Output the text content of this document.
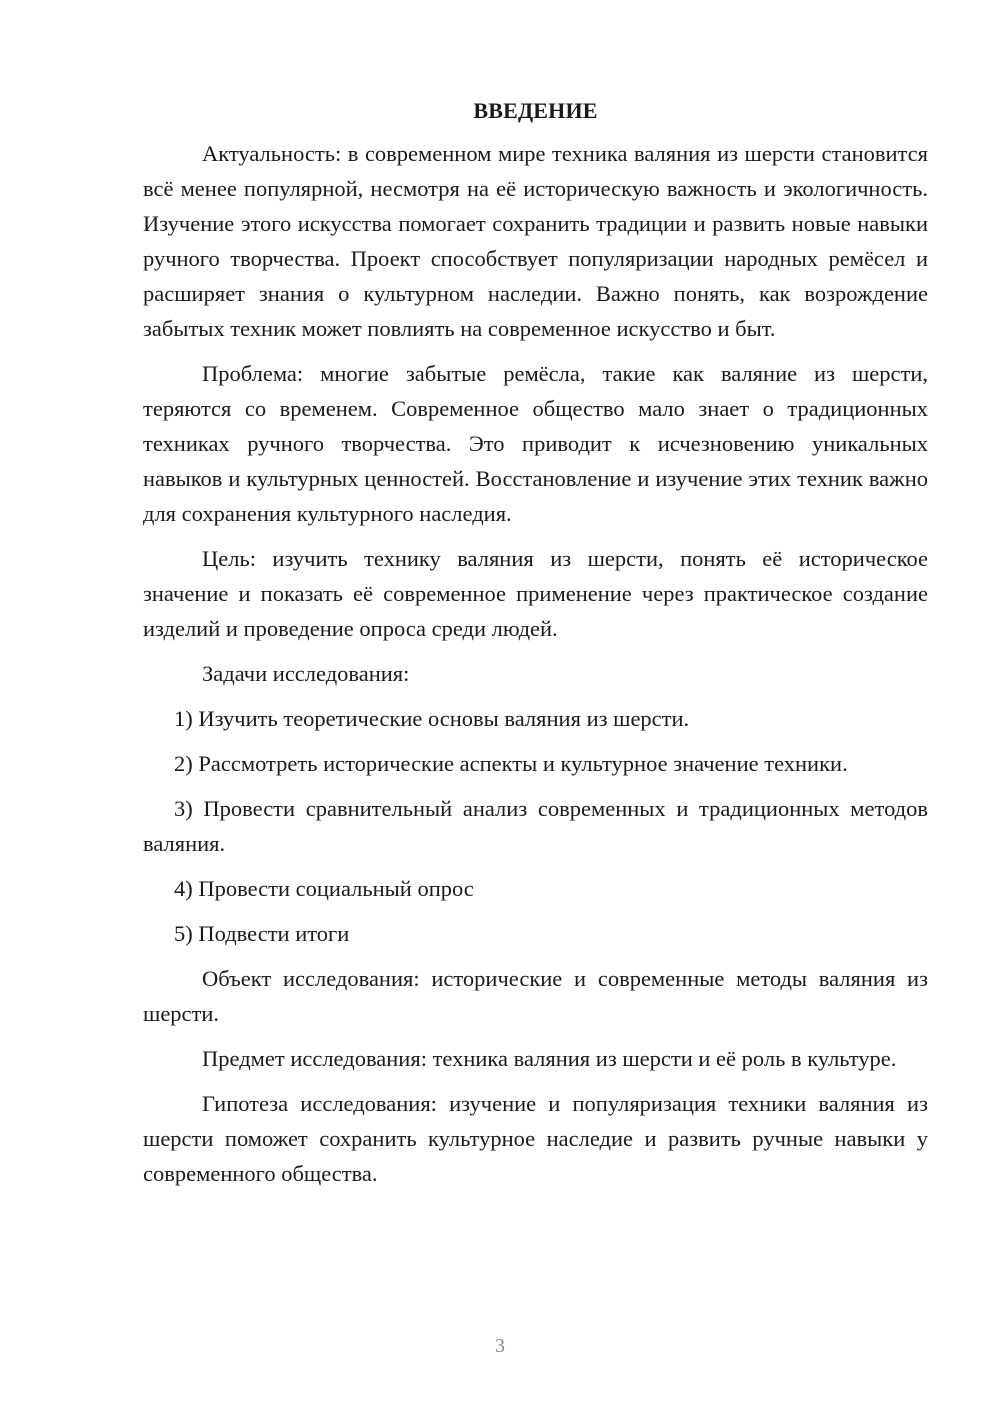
ВВЕДЕНИЕ

Актуальность: в современном мире техника валяния из шерсти становится всё менее популярной, несмотря на её историческую важность и экологичность. Изучение этого искусства помогает сохранить традиции и развить новые навыки ручного творчества. Проект способствует популяризации народных ремёсел и расширяет знания о культурном наследии. Важно понять, как возрождение забытых техник может повлиять на современное искусство и быт.

Проблема: многие забытые ремёсла, такие как валяние из шерсти, теряются со временем. Современное общество мало знает о традиционных техниках ручного творчества. Это приводит к исчезновению уникальных навыков и культурных ценностей. Восстановление и изучение этих техник важно для сохранения культурного наследия.

Цель: изучить технику валяния из шерсти, понять её историческое значение и показать её современное применение через практическое создание изделий и проведение опроса среди людей.

Задачи исследования:

1) Изучить теоретические основы валяния из шерсти.

2) Рассмотреть исторические аспекты и культурное значение техники.

3) Провести сравнительный анализ современных и традиционных методов валяния.

4) Провести социальный опрос

5) Подвести итоги

Объект исследования: исторические и современные методы валяния из шерсти.

Предмет исследования: техника валяния из шерсти и её роль в культуре.

Гипотеза исследования: изучение и популяризация техники валяния из шерсти поможет сохранить культурное наследие и развить ручные навыки у современного общества.

3
